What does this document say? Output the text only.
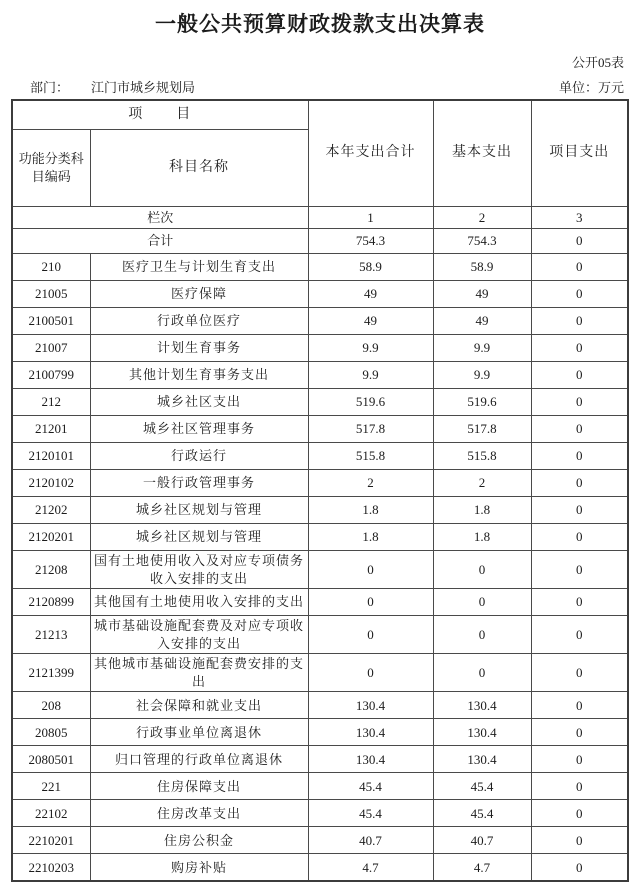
一般公共预算财政拨款支出决算表
公开05表
部门： 江门市城乡规划局	单位：万元
项　　目		本年支出合计	基本支出	项目支出
功能分类科目编码	科目名称			
栏次		1	2	3
合计		754.3	754.3	0
210	医疗卫生与计划生育支出	58.9	58.9	0
21005	医疗保障	49	49	0
2100501	行政单位医疗	49	49	0
21007	计划生育事务	9.9	9.9	0
2100799	其他计划生育事务支出	9.9	9.9	0
212	城乡社区支出	519.6	519.6	0
21201	城乡社区管理事务	517.8	517.8	0
2120101	行政运行	515.8	515.8	0
2120102	一般行政管理事务	2	2	0
21202	城乡社区规划与管理	1.8	1.8	0
2120201	城乡社区规划与管理	1.8	1.8	0
21208	国有土地使用收入及对应专项债务收入安排的支出	0	0	0
2120899	其他国有土地使用收入安排的支出	0	0	0
21213	城市基础设施配套费及对应专项收入安排的支出	0	0	0
2121399	其他城市基础设施配套费安排的支出	0	0	0
208	社会保障和就业支出	130.4	130.4	0
20805	行政事业单位离退休	130.4	130.4	0
2080501	归口管理的行政单位离退休	130.4	130.4	0
221	住房保障支出	45.4	45.4	0
22102	住房改革支出	45.4	45.4	0
2210201	住房公积金	40.7	40.7	0
2210203	购房补贴	4.7	4.7	0
